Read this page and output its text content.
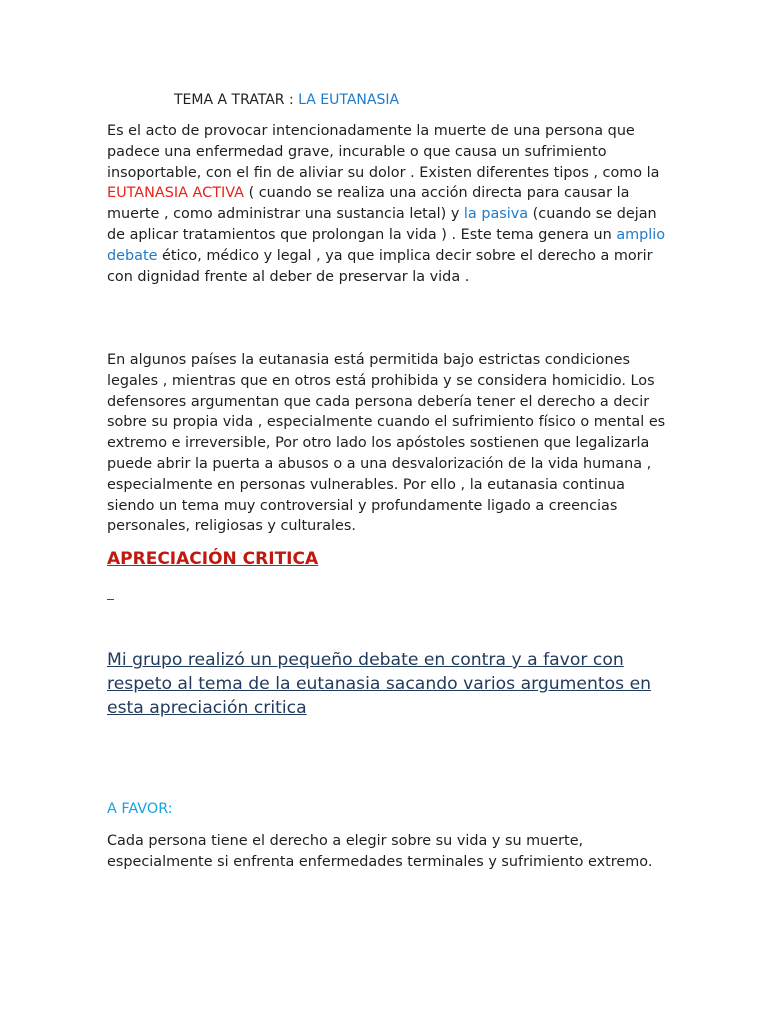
TEMA A TRATAR : LA EUTANASIA

Es el acto de provocar intencionadamente la muerte de una persona que padece una enfermedad grave, incurable o que causa un sufrimiento insoportable, con el fin de aliviar su dolor . Existen diferentes tipos , como la EUTANASIA ACTIVA ( cuando se realiza una acción directa para causar la muerte , como administrar una sustancia letal) y la pasiva (cuando se dejan de aplicar tratamientos que prolongan la vida ) . Este tema genera un amplio debate ético, médico y legal , ya que implica decir sobre el derecho a morir con dignidad frente al deber de preservar la vida .

En algunos países la eutanasia está permitida bajo estrictas condiciones legales , mientras que en otros está prohibida y se considera homicidio. Los defensores argumentan que cada persona debería tener el derecho a decir sobre su propia vida , especialmente cuando el sufrimiento físico o mental es extremo e irreversible, Por otro lado los apóstoles sostienen que legalizarla puede abrir la puerta a abusos o a una desvalorización de la vida humana , especialmente en personas vulnerables. Por ello , la eutanasia continua siendo un tema muy controversial y profundamente ligado a creencias personales, religiosas y culturales.

APRECIACIÓN CRITICA

Mi grupo realizó un pequeño debate en contra y a favor con respeto al tema de la eutanasia sacando varios argumentos en esta apreciación critica

A FAVOR:

Cada persona tiene el derecho a elegir sobre su vida y su muerte, especialmente si enfrenta enfermedades terminales y sufrimiento extremo.
